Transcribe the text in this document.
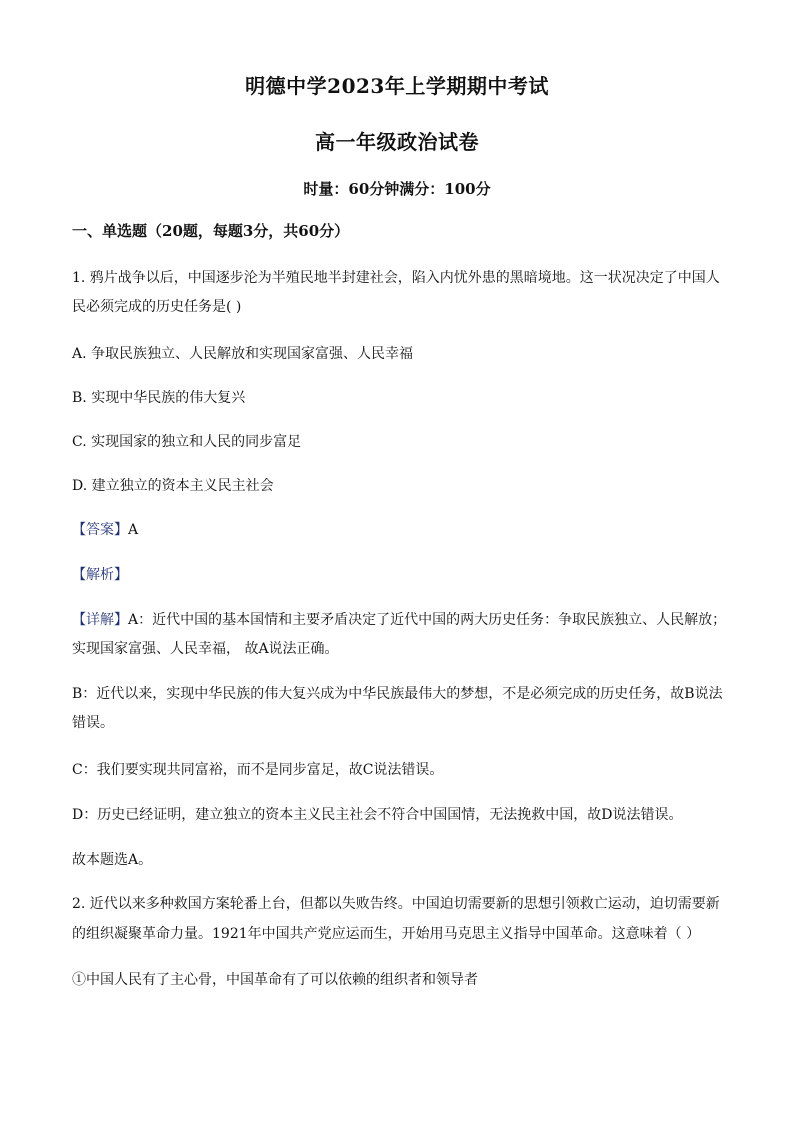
明德中学2023年上学期期中考试
高一年级政治试卷
时量：60分钟满分：100分
一、单选题（20题，每题3分，共60分）
1. 鸦片战争以后，中国逐步沦为半殖民地半封建社会，陷入内忧外患的黑暗境地。这一状况决定了中国人
民必须完成的历史任务是( )
A. 争取民族独立、人民解放和实现国家富强、人民幸福
B. 实现中华民族的伟大复兴
C. 实现国家的独立和人民的同步富足
D. 建立独立的资本主义民主社会
【答案】A
【解析】
【详解】A：近代中国的基本国情和主要矛盾决定了近代中国的两大历史任务：争取民族独立、人民解放；
实现国家富强、人民幸福， 故A说法正确。
B：近代以来，实现中华民族的伟大复兴成为中华民族最伟大的梦想，不是必须完成的历史任务，故B说法
错误。
C：我们要实现共同富裕，而不是同步富足，故C说法错误。
D：历史已经证明，建立独立的资本主义民主社会不符合中国国情，无法挽救中国，故D说法错误。
故本题选A。
2. 近代以来多种救国方案轮番上台，但都以失败告终。中国迫切需要新的思想引领救亡运动，迫切需要新
的组织凝聚革命力量。1921年中国共产党应运而生，开始用马克思主义指导中国革命。这意味着（ ）
①中国人民有了主心骨，中国革命有了可以依赖的组织者和领导者
